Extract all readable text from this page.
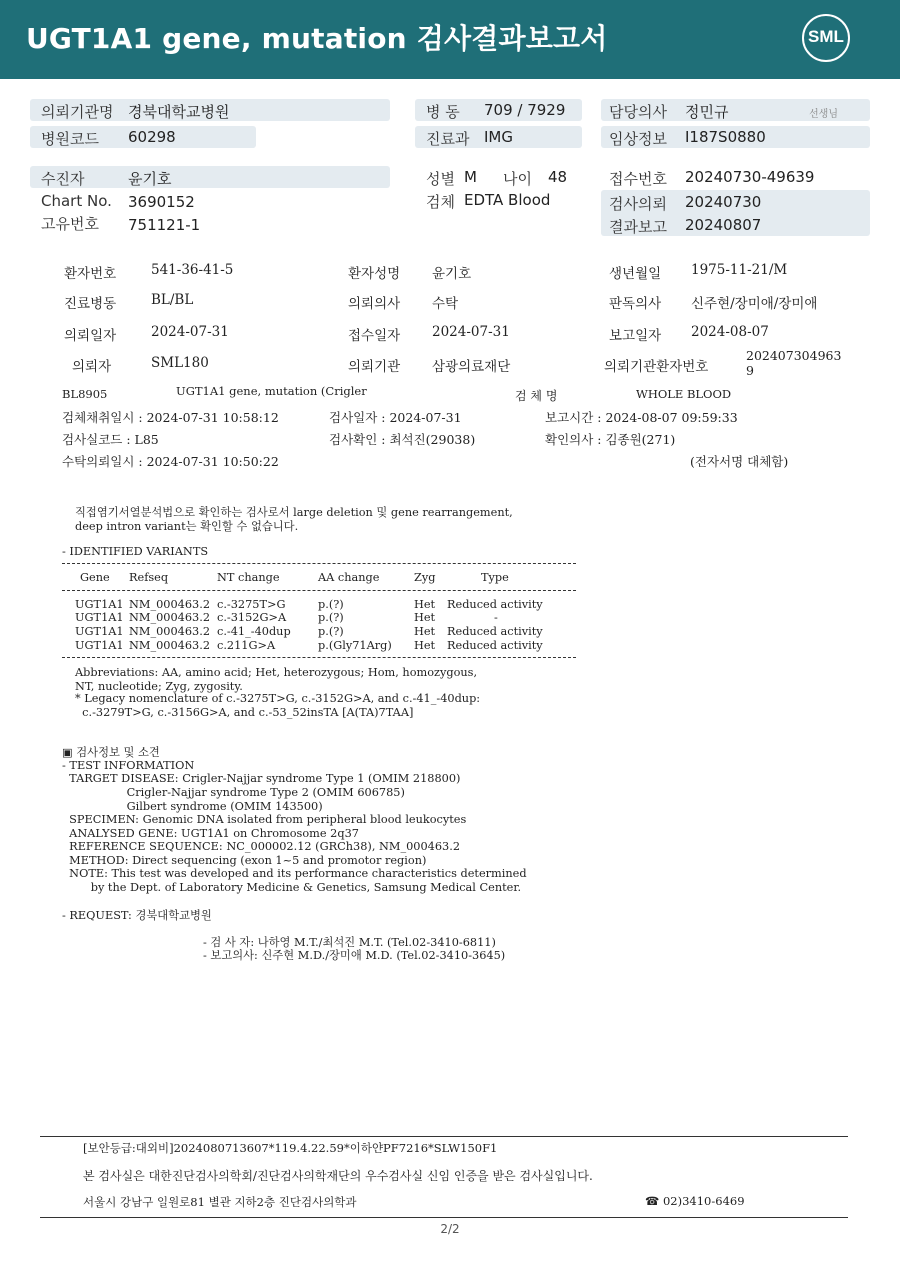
UGT1A1 gene, mutation 검사결과보고서	SML
의뢰기관명 경북대학교병원
병원코드 60298
병 동 709 / 7929
진료과 IMG
담당의사 정민규	선생님
임상정보 I187S0880
수진자	윤기호
Chart No. 3690152
고유번호 751121-1
성별 M 나이 48
검체 EDTA Blood
접수번호 20240730-49639
검사의뢰 20240730
결과보고 20240807
환자번호	541-36-41-5	환자성명 윤기호	생년월일 1975-11-21/M
진료병동	BL/BL	의뢰의사 수탁	판독의사 신주현/장미애/장미애
의뢰일자	2024-07-31	접수일자 2024-07-31	보고일자 2024-08-07
의뢰자	SML180	의뢰기관 삼광의료재단	의뢰기관환자번호
202407304963
9
BL8905	UGT1A1 gene, mutation (Crigler	검 체 명	WHOLE BLOOD
검체채취일시 : 2024-07-31 10:58:12	검사일자 : 2024-07-31	보고시간 : 2024-08-07 09:59:33
검사실코드 : L85	검사확인 : 최석진(29038)	확인의사 : 김종원(271)
수탁의뢰일시 : 2024-07-31 10:50:22	(전자서명 대체함)
직접염기서열분석법으로 확인하는 검사로서 large deletion 및 gene rearrangement,
deep intron variant는 확인할 수 없습니다.
- IDENTIFIED VARIANTS
Gene Refseq	NT change	AA change	Zyg	Type
UGT1A1 NM_000463.2 c.-3275T>G	p.(?)	Het Reduced activity
UGT1A1 NM_000463.2 c.-3152G>A	p.(?)	Het	-
UGT1A1 NM_000463.2 c.-41_-40dup p.(?)	Het Reduced activity
UGT1A1 NM_000463.2 c.211G>A	p.(Gly71Arg) Het Reduced activity
Abbreviations: AA, amino acid; Het, heterozygous; Hom, homozygous,
NT, nucleotide; Zyg, zygosity.
* Legacy nomenclature of c.-3275T>G, c.-3152G>A, and c.-41_-40dup:
c.-3279T>G, c.-3156G>A, and c.-53_52insTA [A(TA)7TAA]
▣ 검사정보 및 소견
- TEST INFORMATION
TARGET DISEASE: Crigler-Najjar syndrome Type 1 (OMIM 218800)
Crigler-Najjar syndrome Type 2 (OMIM 606785)
Gilbert syndrome (OMIM 143500)
SPECIMEN: Genomic DNA isolated from peripheral blood leukocytes
ANALYSED GENE: UGT1A1 on Chromosome 2q37
REFERENCE SEQUENCE: NC_000002.12 (GRCh38), NM_000463.2
METHOD: Direct sequencing (exon 1~5 and promotor region)
NOTE: This test was developed and its performance characteristics determined
by the Dept. of Laboratory Medicine & Genetics, Samsung Medical Center.
- REQUEST: 경북대학교병원
- 검 사 자: 나하영 M.T./최석진 M.T. (Tel.02-3410-6811)
- 보고의사: 신주현 M.D./장미애 M.D. (Tel.02-3410-3645)
[보안등급:대외비]2024080713607*119.4.22.59*이하얀PF7216*SLW150F1
본 검사실은 대한진단검사의학회/진단검사의학재단의 우수검사실 신임 인증을 받은 검사실입니다.
서울시 강남구 일원로81 별관 지하2층 진단검사의학과	☎ 02)3410-6469
2/2
